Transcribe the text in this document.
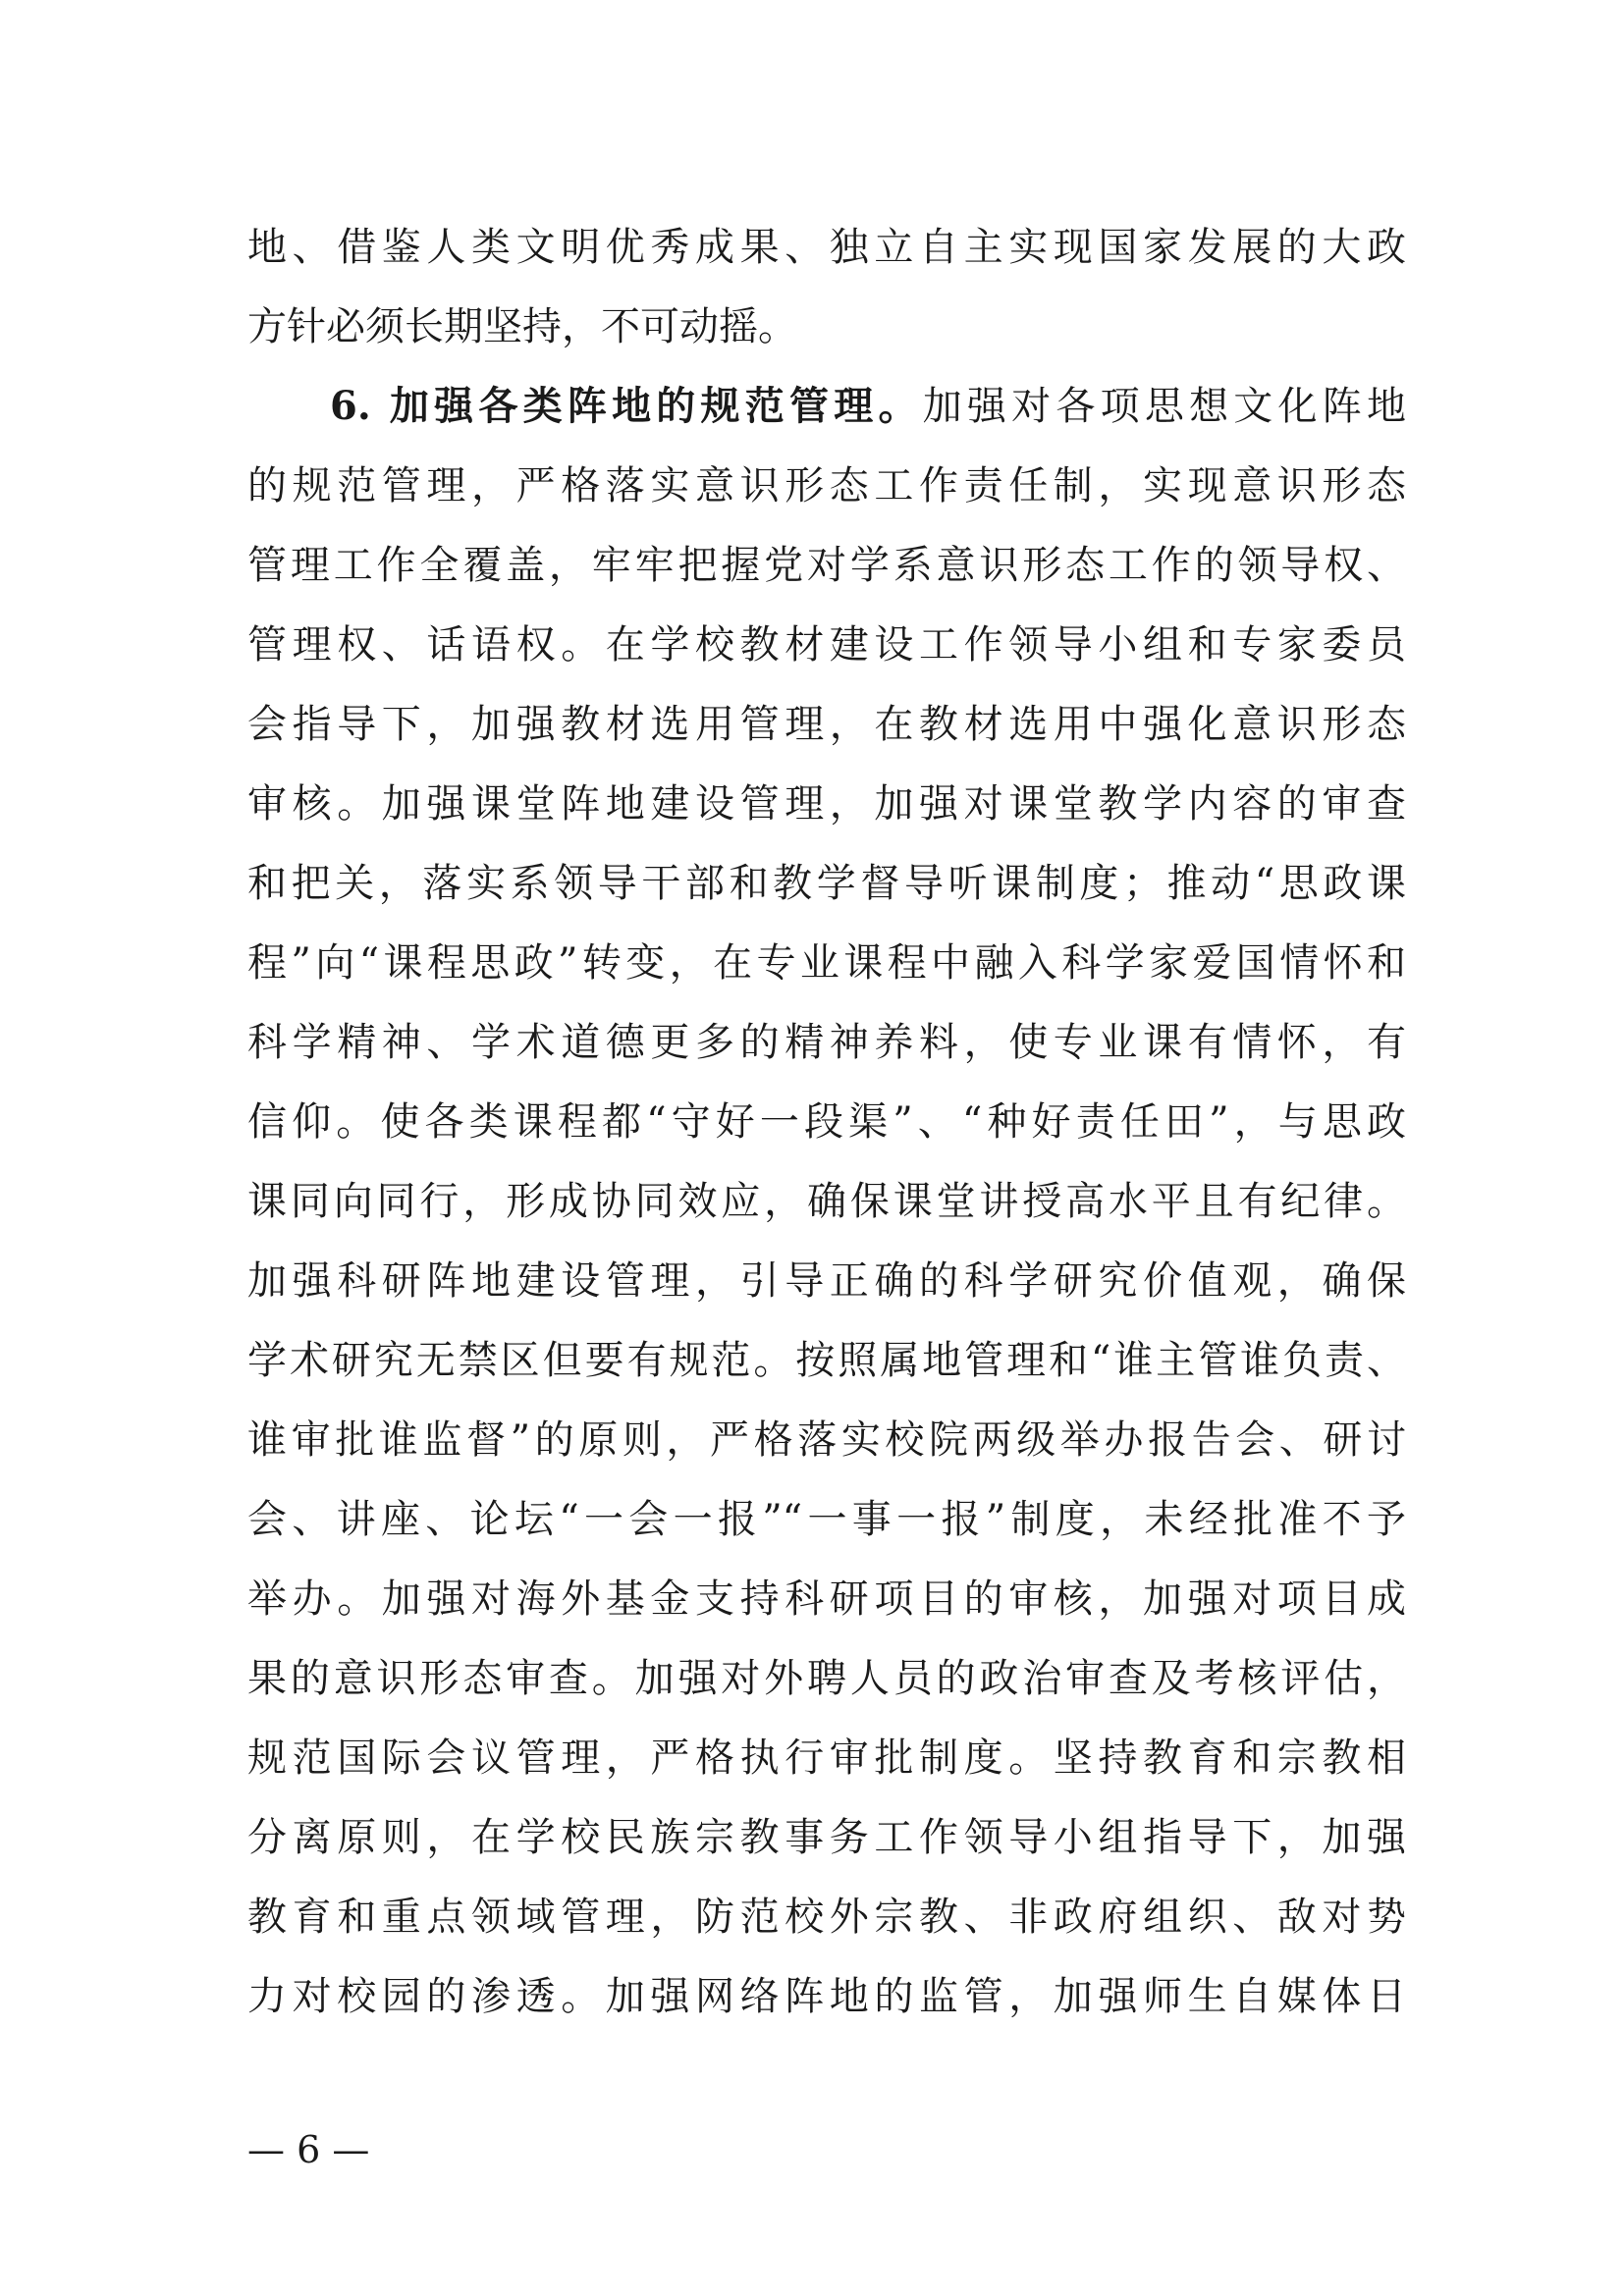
地、借鉴人类文明优秀成果、独立自主实现国家发展的大政
方针必须长期坚持，不可动摇。
6. 加强各类阵地的规范管理。加强对各项思想文化阵地
的规范管理，严格落实意识形态工作责任制，实现意识形态
管理工作全覆盖，牢牢把握党对学系意识形态工作的领导权、
管理权、话语权。在学校教材建设工作领导小组和专家委员
会指导下，加强教材选用管理，在教材选用中强化意识形态
审核。加强课堂阵地建设管理，加强对课堂教学内容的审查
和把关，落实系领导干部和教学督导听课制度；推动“思政课
程”向“课程思政”转变，在专业课程中融入科学家爱国情怀和
科学精神、学术道德更多的精神养料，使专业课有情怀，有
信仰。使各类课程都“守好一段渠”、“种好责任田”，与思政
课同向同行，形成协同效应，确保课堂讲授高水平且有纪律。
加强科研阵地建设管理，引导正确的科学研究价值观，确保
学术研究无禁区但要有规范。按照属地管理和“谁主管谁负责、
谁审批谁监督”的原则，严格落实校院两级举办报告会、研讨
会、讲座、论坛“一会一报”“一事一报”制度，未经批准不予
举办。加强对海外基金支持科研项目的审核，加强对项目成
果的意识形态审查。加强对外聘人员的政治审查及考核评估，
规范国际会议管理，严格执行审批制度。坚持教育和宗教相
分离原则，在学校民族宗教事务工作领导小组指导下，加强
教育和重点领域管理，防范校外宗教、非政府组织、敌对势
力对校园的渗透。加强网络阵地的监管，加强师生自媒体日
— 6 —
